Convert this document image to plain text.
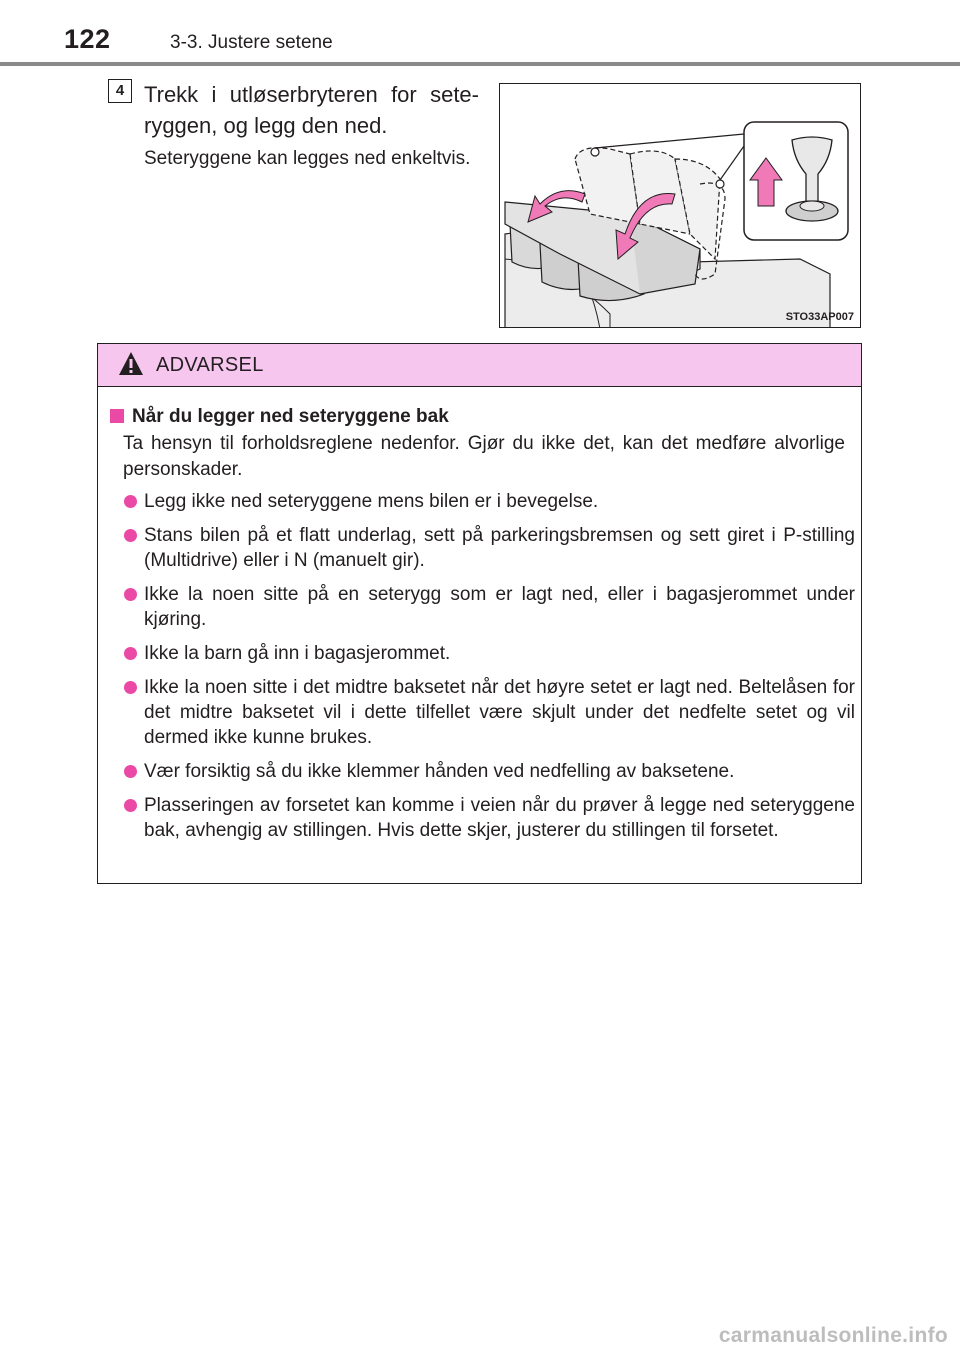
122	3-3. Justere setene
4 Trekk i utløserbryteren for seteryggen, og legg den ned.
Seteryggene kan legges ned enkeltvis.
STO33AP007
ADVARSEL
Når du legger ned seteryggene bak
Ta hensyn til forholdsreglene nedenfor. Gjør du ikke det, kan det medføre alvorlige personskader.
Legg ikke ned seteryggene mens bilen er i bevegelse.
Stans bilen på et flatt underlag, sett på parkeringsbremsen og sett giret i P-stilling (Multidrive) eller i N (manuelt gir).
Ikke la noen sitte på en seterygg som er lagt ned, eller i bagasjerommet under kjøring.
Ikke la barn gå inn i bagasjerommet.
Ikke la noen sitte i det midtre baksetet når det høyre setet er lagt ned. Beltelåsen for det midtre baksetet vil i dette tilfellet være skjult under det nedfelte setet og vil dermed ikke kunne brukes.
Vær forsiktig så du ikke klemmer hånden ved nedfelling av baksetene.
Plasseringen av forsetet kan komme i veien når du prøver å legge ned seteryggene bak, avhengig av stillingen. Hvis dette skjer, justerer du stillingen til forsetet.
carmanualsonline.info
